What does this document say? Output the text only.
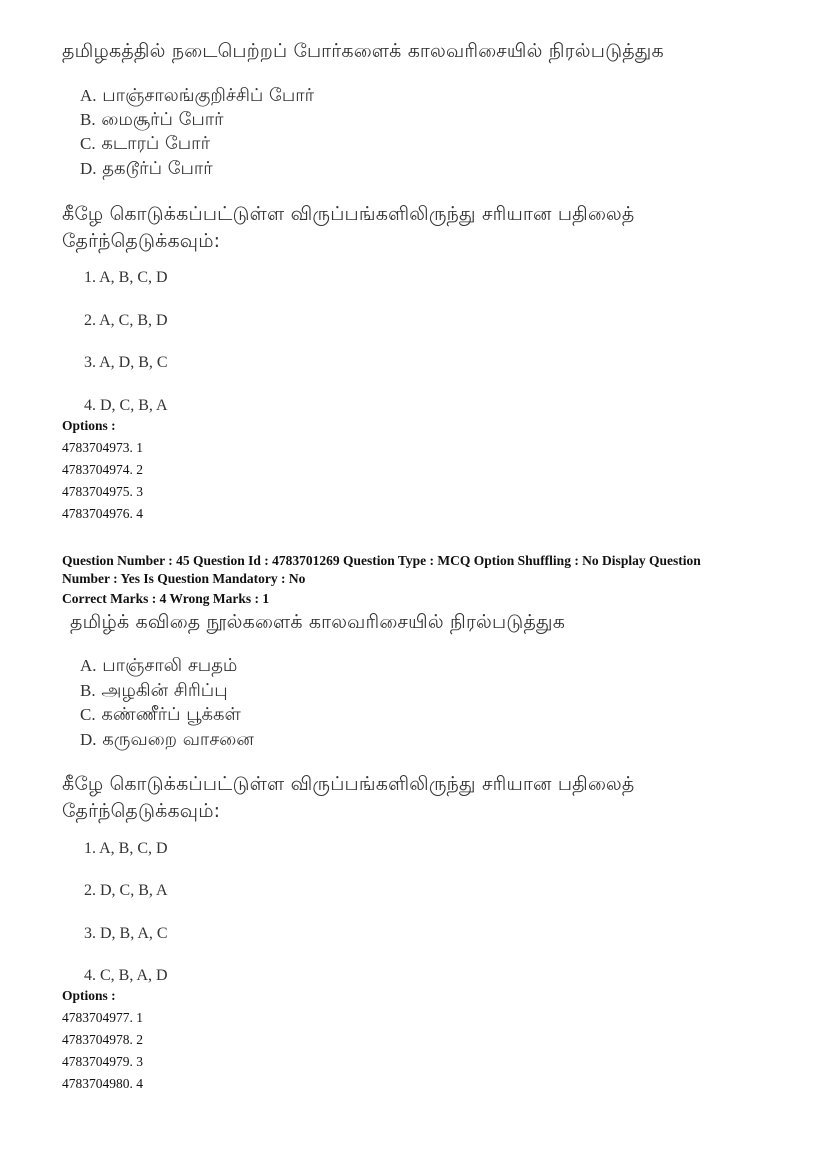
தமிழகத்தில் நடைபெற்றப் போர்களைக் காலவரிசையில் நிரல்படுத்துக
A. பாஞ்சாலங்குறிச்சிப் போர்
B. மைசூர்ப் போர்
C. கடாரப் போர்
D. தகடூர்ப் போர்
கீழே கொடுக்கப்பட்டுள்ள விருப்பங்களிலிருந்து சரியான பதிலைத்
தேர்ந்தெடுக்கவும்:
1. A, B, C, D
2. A, C, B, D
3. A, D, B, C
4. D, C, B, A
Options :
4783704973. 1
4783704974. 2
4783704975. 3
4783704976. 4
Question Number : 45 Question Id : 4783701269 Question Type : MCQ Option Shuffling : No Display Question
Number : Yes Is Question Mandatory : No
Correct Marks : 4 Wrong Marks : 1
தமிழ்க் கவிதை நூல்களைக் காலவரிசையில் நிரல்படுத்துக
A. பாஞ்சாலி சபதம்
B. அழகின் சிரிப்பு
C. கண்ணீர்ப் பூக்கள்
D. கருவறை வாசனை
கீழே கொடுக்கப்பட்டுள்ள விருப்பங்களிலிருந்து சரியான பதிலைத்
தேர்ந்தெடுக்கவும்:
1. A, B, C, D
2. D, C, B, A
3. D, B, A, C
4. C, B, A, D
Options :
4783704977. 1
4783704978. 2
4783704979. 3
4783704980. 4
